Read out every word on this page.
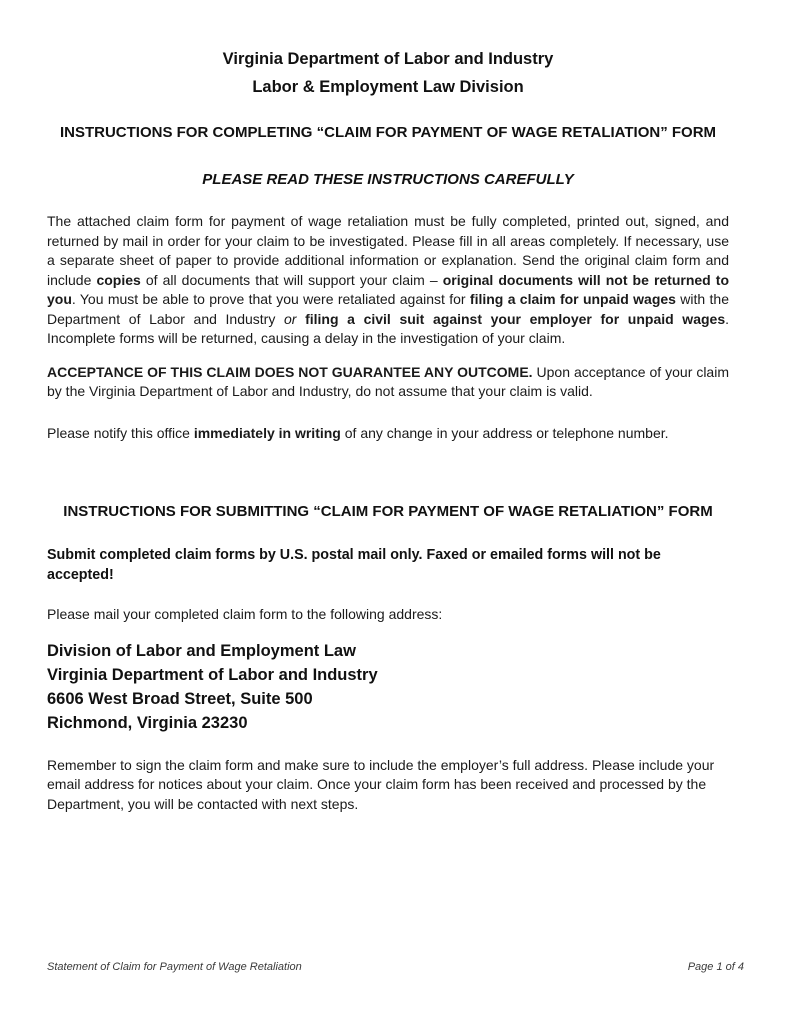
Virginia Department of Labor and Industry
Labor & Employment Law Division
INSTRUCTIONS FOR COMPLETING “CLAIM FOR PAYMENT OF WAGE RETALIATION” FORM
PLEASE READ THESE INSTRUCTIONS CAREFULLY

The attached claim form for payment of wage retaliation must be fully completed, printed out, signed, and returned by mail in order for your claim to be investigated. Please fill in all areas completely. If necessary, use a separate sheet of paper to provide additional information or explanation. Send the original claim form and include copies of all documents that will support your claim – original documents will not be returned to you. You must be able to prove that you were retaliated against for filing a claim for unpaid wages with the Department of Labor and Industry or filing a civil suit against your employer for unpaid wages. Incomplete forms will be returned, causing a delay in the investigation of your claim.

ACCEPTANCE OF THIS CLAIM DOES NOT GUARANTEE ANY OUTCOME. Upon acceptance of your claim by the Virginia Department of Labor and Industry, do not assume that your claim is valid.

Please notify this office immediately in writing of any change in your address or telephone number.

INSTRUCTIONS FOR SUBMITTING “CLAIM FOR PAYMENT OF WAGE RETALIATION” FORM
Submit completed claim forms by U.S. postal mail only. Faxed or emailed forms will not be accepted!
Please mail your completed claim form to the following address:
Division of Labor and Employment Law
Virginia Department of Labor and Industry
6606 West Broad Street, Suite 500
Richmond, Virginia 23230

Remember to sign the claim form and make sure to include the employer’s full address. Please include your email address for notices about your claim. Once your claim form has been received and processed by the Department, you will be contacted with next steps.

Statement of Claim for Payment of Wage Retaliation	Page 1 of 4
